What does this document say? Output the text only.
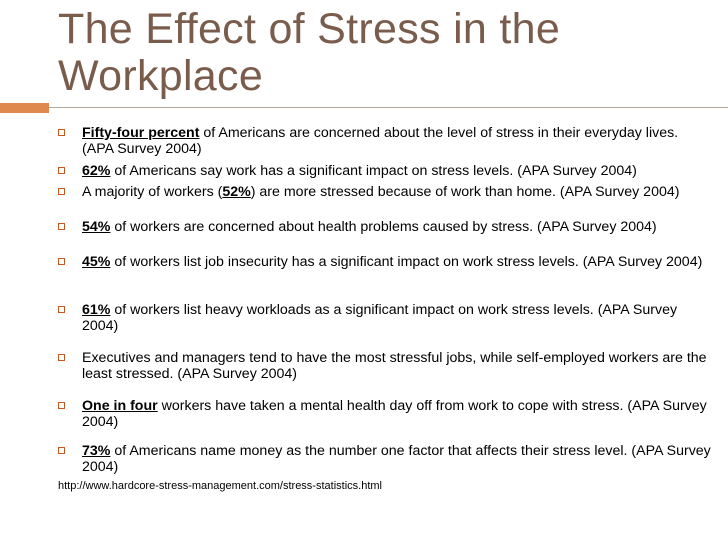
The Effect of Stress in the Workplace
Fifty-four percent of Americans are concerned about the level of stress in their everyday lives. (APA Survey 2004)
62% of Americans say work has a significant impact on stress levels. (APA Survey 2004)
A majority of workers (52%) are more stressed because of work than home. (APA Survey 2004)
54% of workers are concerned about health problems caused by stress. (APA Survey 2004)
45% of workers list job insecurity has a significant impact on work stress levels. (APA Survey 2004)
61% of workers list heavy workloads as a significant impact on work stress levels. (APA Survey 2004)
Executives and managers tend to have the most stressful jobs, while self-employed workers are the least stressed. (APA Survey 2004)
One in four workers have taken a mental health day off from work to cope with stress. (APA Survey 2004)
73% of Americans name money as the number one factor that affects their stress level. (APA Survey 2004)
http://www.hardcore-stress-management.com/stress-statistics.html
